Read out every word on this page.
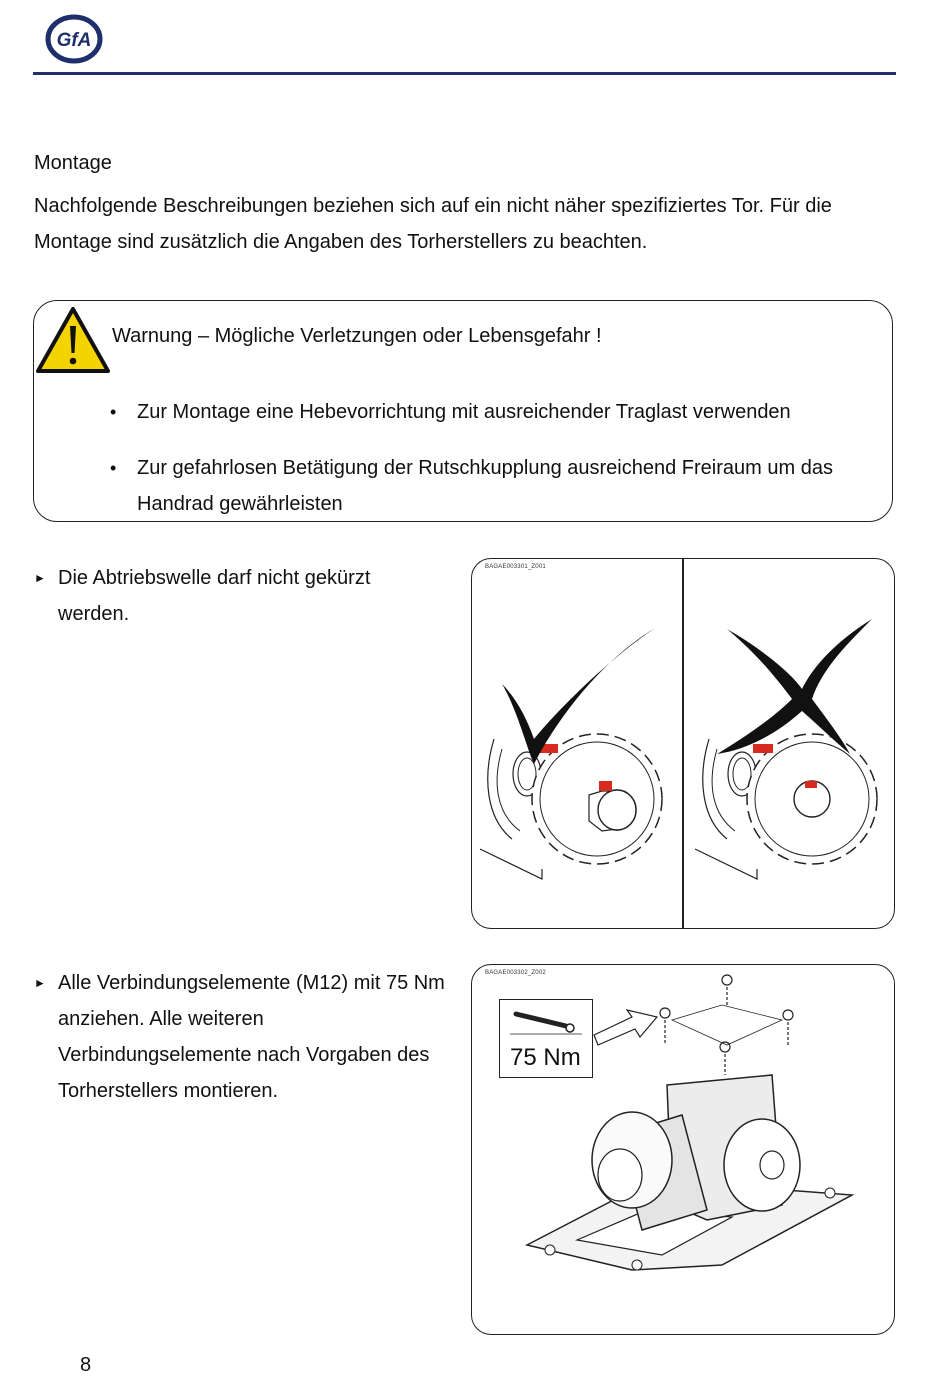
GfA
Montage
Nachfolgende Beschreibungen beziehen sich auf ein nicht näher spezifiziertes Tor. Für die Montage sind zusätzlich die Angaben des Torherstellers zu beachten.
Warnung – Mögliche Verletzungen oder Lebensgefahr !
• Zur Montage eine Hebevorrichtung mit ausreichender Traglast verwenden
• Zur gefahrlosen Betätigung der Rutschkupplung ausreichend Freiraum um das Handrad gewährleisten
► Die Abtriebswelle darf nicht gekürzt werden.
BAGAE003301_Z001
► Alle Verbindungselemente (M12) mit 75 Nm anziehen. Alle weiteren Verbindungselemente nach Vorgaben des Torherstellers montieren.
BAGAE003302_Z002
75 Nm
8
